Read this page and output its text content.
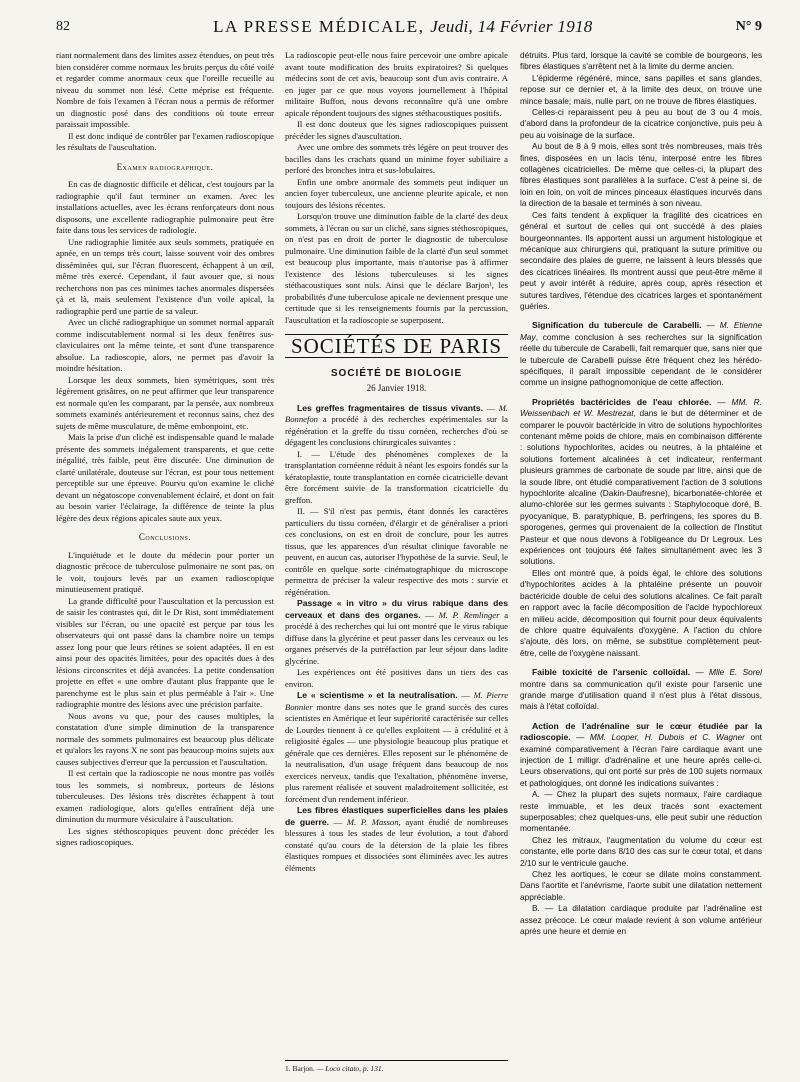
82	LA PRESSE MÉDICALE, Jeudi, 14 Février 1918	N° 9

riant normalement dans des limites assez étendues, on peut très bien considérer comme normaux les bruits perçus du côté voilé et regarder comme anormaux ceux que l'oreille recueille au niveau du sommet non lésé. Cette méprise est fréquente. Nombre de fois l'examen à l'écran nous a permis de réformer un diagnostic posé dans des conditions où toute erreur paraissait impossible.

Il est donc indiqué de contrôler par l'examen radioscopique les résultats de l'auscultation.

Examen radiographique.

En cas de diagnostic difficile et délicat, c'est toujours par la radiographie qu'il faut terminer un examen. Avec les installations actuelles, avec les écrans renforçateurs dont nous disposons, une excellente radiographie pulmonaire peut être faite dans tous les services de radiologie.

Une radiographie limitée aux seuls sommets, pratiquée en apnée, en un temps très court, laisse souvent voir des ombres disséminées qui, sur l'écran fluorescent, échappent à un œil, même très exercé. Cependant, il faut avouer que, si nous recherchons non pas ces minimes taches anormales dispersées çà et là, mais seulement l'existence d'un voile apical, la radiographie perd une partie de sa valeur.

Avec un cliché radiographique un sommet normal apparaît comme indiscutablement normal si les deux fenêtres sus-claviculaires ont la même teinte, et sont d'une transparence absolue. La radioscopie, alors, ne permet pas d'avoir la moindre hésitation.

Lorsque les deux sommets, bien symétriques, sont très légèrement grisâtres, on ne peut affirmer que leur transparence est normale qu'en les comparant, par la pensée, aux nombreux sommets examinés antérieurement et reconnus sains, chez des sujets de même musculature, de même embonpoint, etc.

Mais la prise d'un cliché est indispensable quand le malade présente des sommets inégalement transparents, et que cette inégalité, très faible, peut être discutée. Une diminution de clarté unilatérale, douteuse sur l'écran, est pour tous nettement perceptible sur une épreuve. Pourvu qu'on examine le cliché devant un négatoscope convenablement éclairé, et dont on fait au besoin varier l'éclairage, la différence de teinte la plus légère des deux régions apicales saute aux yeux.

Conclusions.

L'inquiétude et le doute du médecin pour porter un diagnostic précoce de tuberculose pulmonaire ne sont pas, on le voit, toujours levés par un examen radioscopique minutieusement pratiqué.

La grande difficulté pour l'auscultation et la percussion est de saisir les contrastes qui, dit le Dr Rist, sont immédiatement visibles sur l'écran, ou une opacité est perçue par tous les observateurs qui ont passé dans la chambre noire un temps assez long pour que leurs rétines se soient adaptées. Il en est ainsi pour des opacités limitées, pour des opacités dues à des lésions circonscrites et déjà avancées. La petite condensation projette en effet « une ombre d'autant plus frappante que le parenchyme est le plus sain et plus perméable à l'air ». Une radiographie montre des lésions avec une précision parfaite.

Nous avons vu que, pour des causes multiples, la constatation d'une simple diminution de la transparence normale des sommets pulmonaires est beaucoup plus délicate et qu'alors les rayons X ne sont pas beaucoup moins sujets aux causes subjectives d'erreur que la percussion et l'auscultation.

Il est certain que la radioscopie ne nous montre pas voilés tous les sommets, si nombreux, porteurs de lésions tuberculeuses. Des lésions très discrètes échappent à tout examen radiologique, alors qu'elles entraînent déjà une diminution du murmure vésiculaire à l'auscultation.

Les signes stéthoscopiques peuvent donc précéder les signes radioscopiques.

La radioscopie peut-elle nous faire percevoir une ombre apicale avant toute modification des bruits expiratoires? Si quelques médecins sont de cet avis, beaucoup sont d'un avis contraire. A en juger par ce que nous voyons journellement à l'hôpital militaire Buffon, nous devons reconnaître qu'à une ombre apicale répondent toujours des signes stéthacoustiques positifs.

Il est donc douteux que les signes radioscopiques puissent précéder les signes d'auscultation.

Avec une ombre des sommets très légère on peut trouver des bacilles dans les crachats quand un minime foyer subiliaire a perforé des bronches intra et sus-lobulaires.

Enfin une ombre anormale des sommets peut indiquer un ancien foyer tuberculeux, une ancienne pleurite apicale, et non toujours des lésions récentes.

Lorsqu'on trouve une diminution faible de la clarté des deux sommets, à l'écran ou sur un cliché, sans signes stéthoscopiques, on n'est pas en droit de porter le diagnostic de tuberculose pulmonaire. Une diminution faible de la clarté d'un seul sommet est beaucoup plus importante, mais n'autorise pas à affirmer l'existence des lésions tuberculeuses si les signes stéthacoustiques sont nuls. Ainsi que le déclare Barjon¹, les probabilités d'une tuberculose apicale ne deviennent presque une certitude que si les renseignements fournis par la percussion, l'auscultation et la radioscopie se superposent.

SOCIÉTÉS DE PARIS
SOCIÉTÉ DE BIOLOGIE
26 Janvier 1918.

Les greffes fragmentaires de tissus vivants. — M. Bonnefon a procédé à des recherches expérimentales sur la régénération et la greffe du tissu cornéen, recherches d'où se dégagent les conclusions chirurgicales suivantes :

I. — L'étude des phénomènes complexes de la transplantation cornéenne réduit à néant les espoirs fondés sur la kératoplastie, toute transplantation en cornée cicatricielle devant être forcément suivie de la transformation cicatricielle du greffon.

II. — S'il n'est pas permis, étant donnés les caractères particuliers du tissu cornéen, d'élargir et de généraliser a priori ces conclusions, on est en droit de conclure, pour les autres tissus, que les apparences d'un résultat clinique favorable ne peuvent, en aucun cas, autoriser l'hypothèse de la survie. Seul, le contrôle en quelque sorte cinématographique du microscope permettra de préciser la valeur respective des mots : survie et régénération.

Passage « in vitro » du virus rabique dans des cerveaux et dans des organes. — M. P. Remlinger a procédé à des recherches qui lui ont montré que le virus rabique diffuse dans la glycérine et peut passer dans les cerveaux ou les organes préservés de la putréfaction par leur séjour dans ladite glycérine.

Les expériences ont été positives dans un tiers des cas environ.

Le « scientisme » et la neutralisation. — M. Pierre Bonnier montre dans ses notes que le grand succès des cures scientistes en Amérique et leur supériorité caractérisée sur celles de Lourdes tiennent à ce qu'elles exploitent — à crédulité et à religiosité égales — une physiologie beaucoup plus pratique et générale que ces dernières. Elles reposent sur le phénomène de la neutralisation, d'un usage fréquent dans beaucoup de nos exercices nerveux, tandis que l'exaltation, phénomène inverse, plus rarement réalisée et souvent maladroitement sollicitée, est forcément d'un rendement inférieur.

Les fibres élastiques superficielles dans les plaies de guerre. — M. P. Masson, ayant étudié de nombreuses blessures à tous les stades de leur évolution, a tout d'abord constaté qu'au cours de la détersion de la plaie les fibres élastiques rompues et dissociées sont éliminées avec les autres éléments

1. Barjon. — Loco citato, p. 131.

détruits. Plus tard, lorsque la cavité se comble de bourgeons, les fibres élastiques s'arrêtent net à la limite du derme ancien.

L'épiderme régénéré, mince, sans papilles et sans glandes, repose sur ce dernier et, à la limite des deux, on trouve une mince basale; mais, nulle part, on ne trouve de fibres élastiques.

Celles-ci reparaissent peu à peu au bout de 3 ou 4 mois, d'abord dans la profondeur de la cicatrice conjonctive, puis peu à peu au voisinage de la surface.

Au bout de 8 à 9 mois, elles sont très nombreuses, mais très fines, disposées en un lacis ténu, interposé entre les fibres collagènes cicatricielles. De même que celles-ci, la plupart des fibres élastiques sont parallèles à la surface. C'est à peine si, de loin en loin, on voit de minces pinceaux élastiques incurvés dans la direction de la basale et terminés à son niveau.

Ces faits tendent à expliquer la fragilité des cicatrices en général et surtout de celles qui ont succédé à des plaies bourgeonnantes. Ils apportent aussi un argument histologique et mécanique aux chirurgiens qui, pratiquant la suture primitive ou secondaire des plaies de guerre, ne laissent à leurs blessés que des cicatrices linéaires. Ils montrent aussi que peut-être même il peut y avoir intérêt à réduire, après coup, après résection et sutures tardives, l'étendue des cicatrices larges et spontanément guéries.

Signification du tubercule de Carabelli. — M. Etienne May, comme conclusion à ses recherches sur la signification réelle du tubercule de Carabelli, fait remarquer que, sans nier que le tubercule de Carabelli puisse être fréquent chez les hérédo-spécifiques, il paraît impossible cependant de le considérer comme un insigne pathognomonique de cette affection.

Propriétés bactéricides de l'eau chlorée. — MM. R. Weissenbach et W. Mestrezat, dans le but de déterminer et de comparer le pouvoir bactéricide in vitro de solutions hypochlorites contenant même poids de chlore, mais en combinaison différente : solutions hypochlorites, acides ou neutres, à la phtaléine et solutions fortement alcalinées à cet indicateur, renfermant plusieurs grammes de carbonate de soude par litre, ainsi que de la soude libre, ont étudié comparativement l'action de 3 solutions hypochlorite alcaline (Dakin-Daufresne), bicarbonatée-chlorée et alumo-chlorée sur les germes suivants : Staphylocoque doré, B. pyocyanique, B. paratyphique, B. perfringens, les spores du B. sporogenes, germes qui provenaient de la collection de l'Institut Pasteur et que nous devons à l'obligeance du Dr Legroux. Les expériences ont toujours été faites simultanément avec les 3 solutions.

Elles ont montré que, à poids égal, le chlore des solutions d'hypochlorites acides à la phtaléine présente un pouvoir bactéricide double de celui des solutions alcalines. Ce fait paraît en rapport avec la facile décomposition de l'acide hypochloreux en milieu acide, décomposition qui fournit pour deux équivalents de chlore quatre équivalents d'oxygène. A l'action du chlore s'ajoute, dès lors, on même, se substitue complètement peut-être, celle de l'oxygène naissant.

Faible toxicité de l'arsenic colloïdal. — Mlle E. Sorel montre dans sa communication qu'il existe pour l'arsenic une grande marge d'utilisation quand il n'est plus à l'état dissous, mais à l'état colloïdal.

Action de l'adrénaline sur le cœur étudiée par la radioscopie. — MM. Looper, H. Dubois et C. Wagner ont examiné comparativement à l'écran l'aire cardiaque avant une injection de 1 milligr. d'adrénaline et une heure après celle-ci. Leurs observations, qui ont porté sur près de 100 sujets normaux et pathologiques, ont donné les indications suivantes :

A. — Chez la plupart des sujets normaux, l'aire cardiaque reste immuable, et les deux tracés sont exactement superposables; chez quelques-uns, elle peut subir une réduction momentanée.

Chez les mitraux, l'augmentation du volume du cœur est constante, elle porte dans 8/10 des cas sur le cœur total, et dans 2/10 sur le ventricule gauche.

Chez les aortiques, le cœur se dilate moins constamment. Dans l'aortite et l'anévrisme, l'aorte subit une dilatation nettement appréciable.

B. — La dilatation cardiaque produite par l'adrénaline est assez précoce. Le cœur malade revient à son volume antérieur après une heure et demie en
